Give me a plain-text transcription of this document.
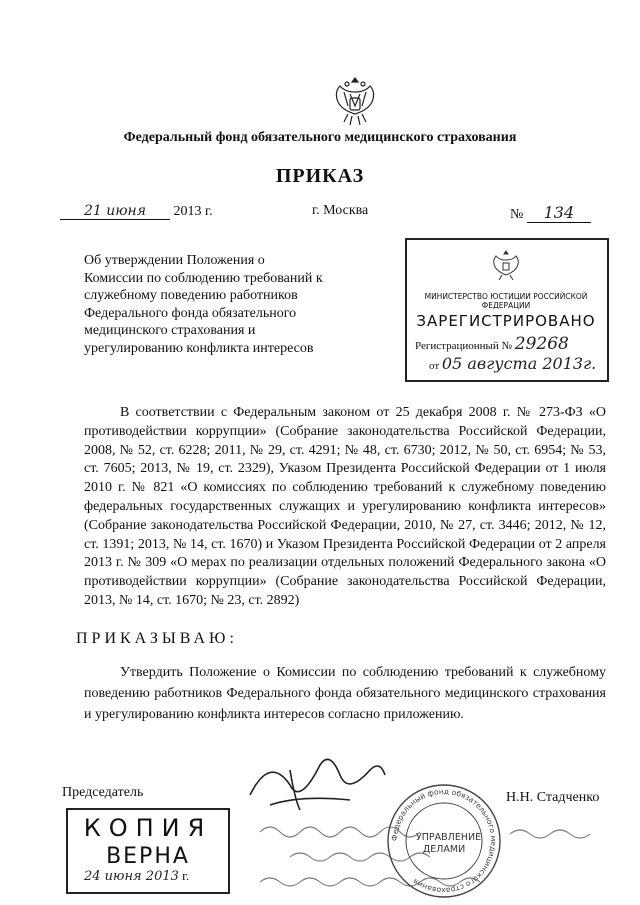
Федеральный фонд обязательного медицинского страхования
ПРИКАЗ
21 июня 2013 г.	г. Москва	№ 134
Об утверждении Положения о Комиссии по соблюдению требований к служебному поведению работников Федерального фонда обязательного медицинского страхования и урегулированию конфликта интересов
МИНИСТЕРСТВО ЮСТИЦИИ РОССИЙСКОЙ ФЕДЕРАЦИИ
ЗАРЕГИСТРИРОВАНО
Регистрационный № 29268
от 05 августа 2013г.
В соответствии с Федеральным законом от 25 декабря 2008 г. № 273-ФЗ «О противодействии коррупции» (Собрание законодательства Российской Федерации, 2008, № 52, ст. 6228; 2011, № 29, ст. 4291; № 48, ст. 6730; 2012, № 50, ст. 6954; № 53, ст. 7605; 2013, № 19, ст. 2329), Указом Президента Российской Федерации от 1 июля 2010 г. № 821 «О комиссиях по соблюдению требований к служебному поведению федеральных государственных служащих и урегулированию конфликта интересов» (Собрание законодательства Российской Федерации, 2010, № 27, ст. 3446; 2012, № 12, ст. 1391; 2013, № 14, ст. 1670) и Указом Президента Российской Федерации от 2 апреля 2013 г. № 309 «О мерах по реализации отдельных положений Федерального закона «О противодействии коррупции» (Собрание законодательства Российской Федерации, 2013, № 14, ст. 1670; № 23, ст. 2892)
ПРИКАЗЫВАЮ:
Утвердить Положение о Комиссии по соблюдению требований к служебному поведению работников Федерального фонда обязательного медицинского страхования и урегулированию конфликта интересов согласно приложению.
Председатель	Н.Н. Стадченко
КОПИЯ
ВЕРНА
24 июня 2013 г.
Федеральный фонд обязательного медицинского страхования
УПРАВЛЕНИЕ ДЕЛАМИ
